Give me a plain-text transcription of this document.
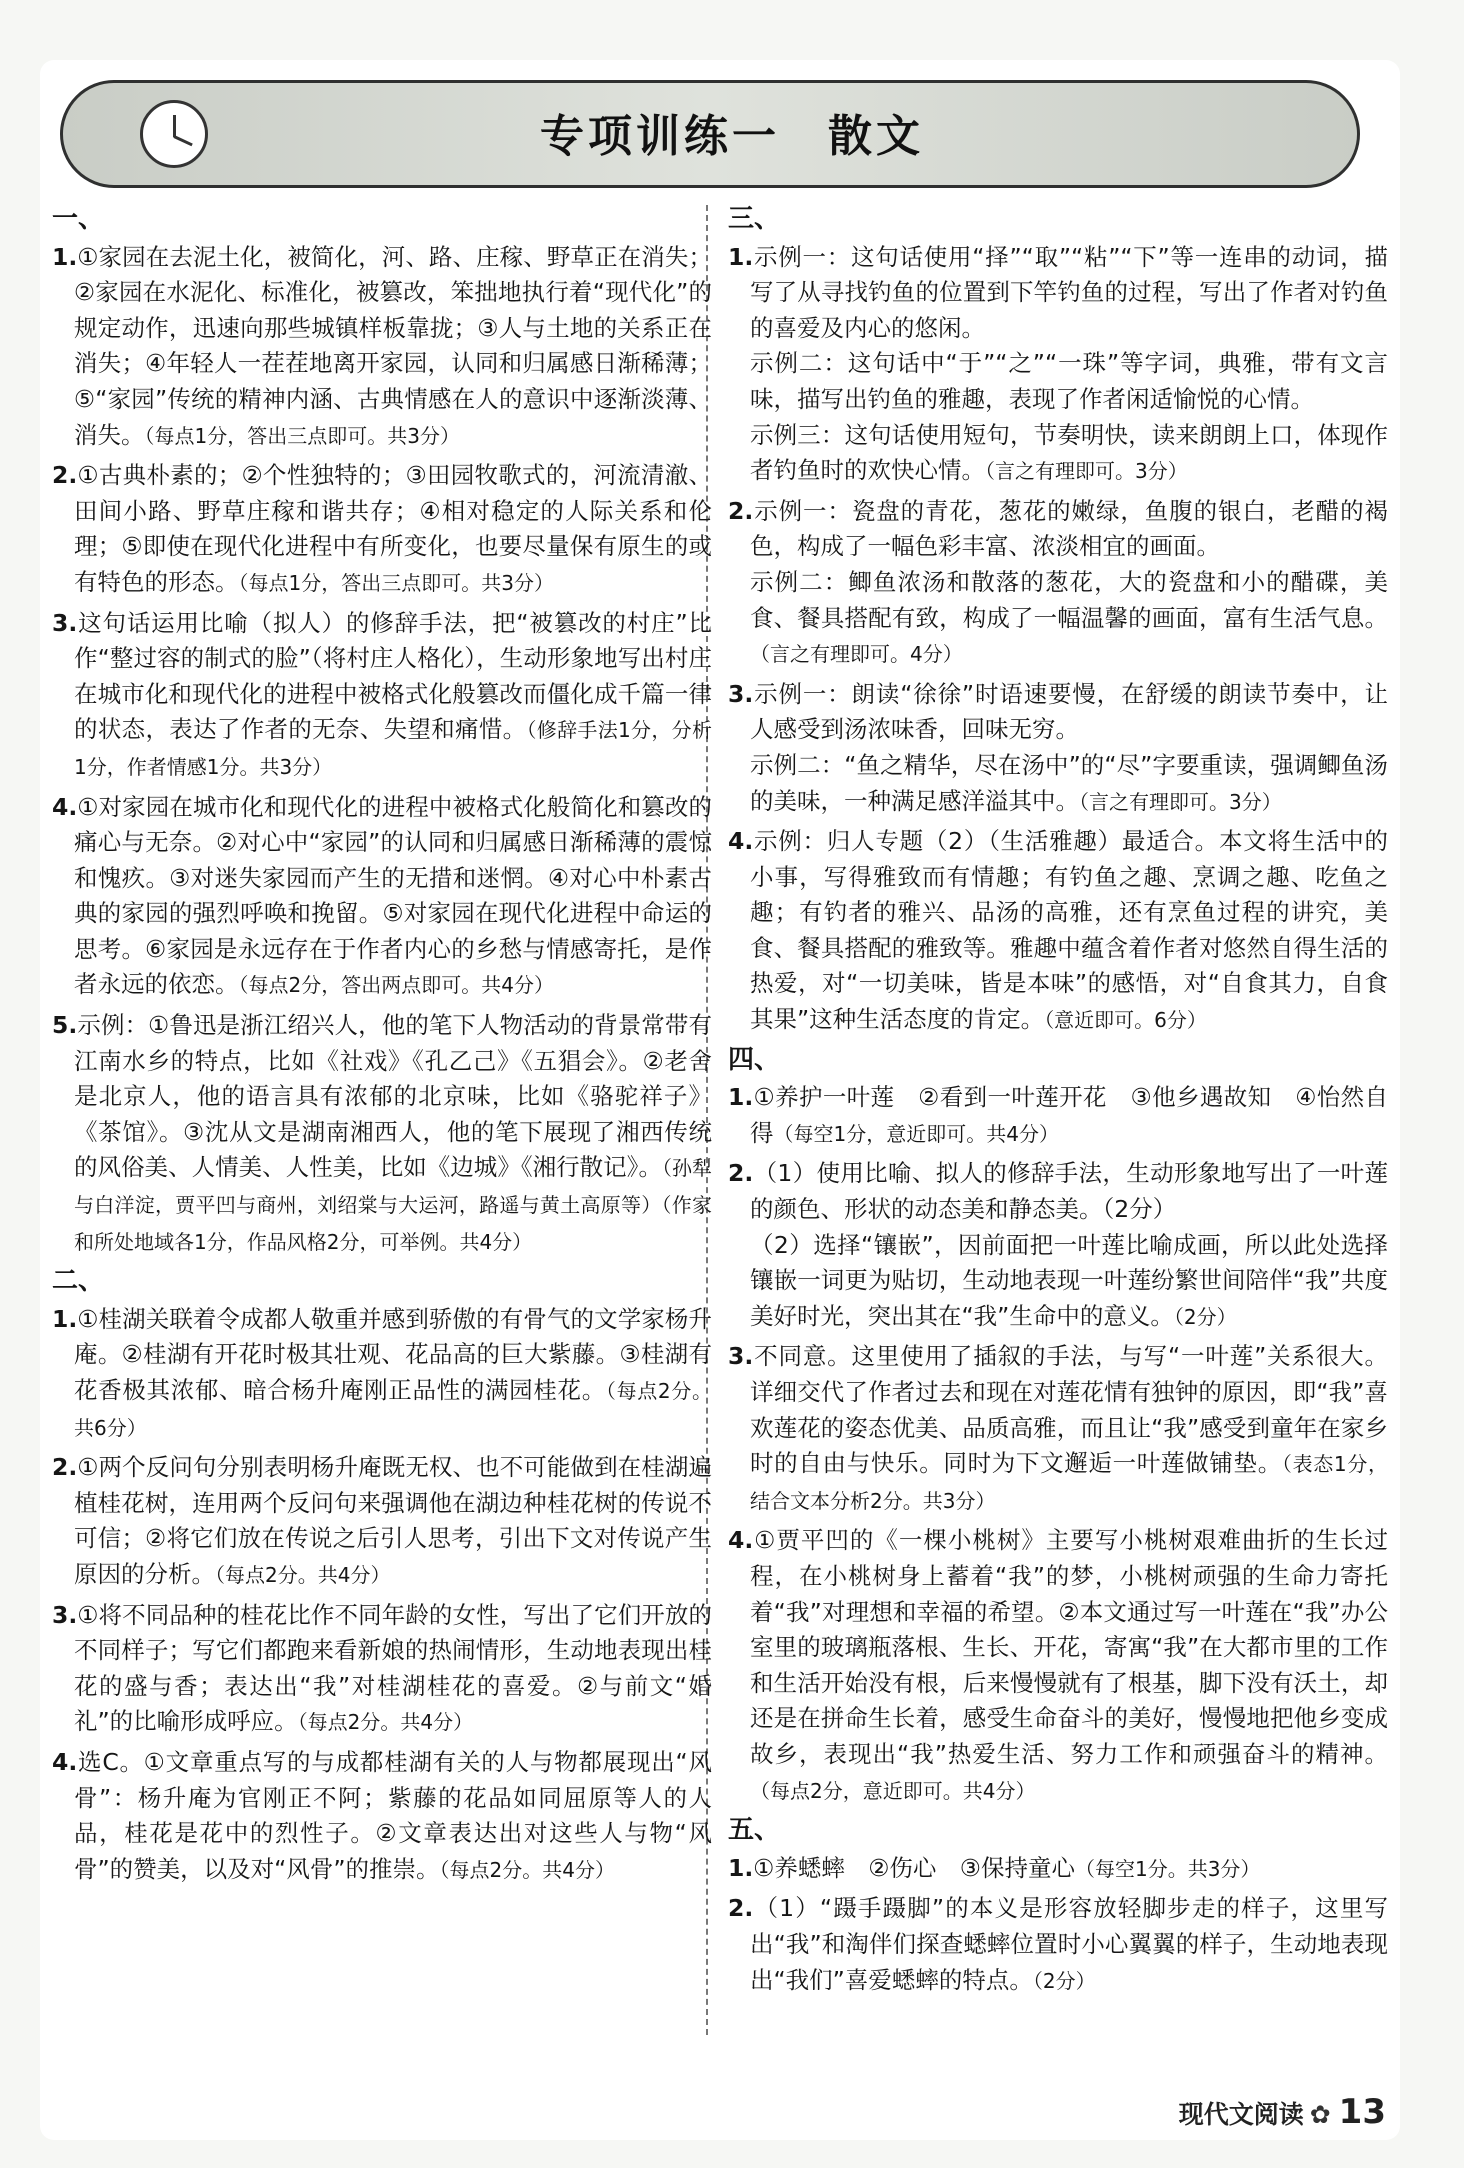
专项训练一　散文
一、
1.①家园在去泥土化，被简化，河、路、庄稼、野草正在消失；②家园在水泥化、标准化，被篡改，笨拙地执行着“现代化”的规定动作，迅速向那些城镇样板靠拢；③人与土地的关系正在消失；④年轻人一茬茬地离开家园，认同和归属感日渐稀薄；⑤“家园”传统的精神内涵、古典情感在人的意识中逐渐淡薄、消失。（每点1分，答出三点即可。共3分）
2.①古典朴素的；②个性独特的；③田园牧歌式的，河流清澈、田间小路、野草庄稼和谐共存；④相对稳定的人际关系和伦理；⑤即使在现代化进程中有所变化，也要尽量保有原生的或有特色的形态。（每点1分，答出三点即可。共3分）
3.这句话运用比喻（拟人）的修辞手法，把“被篡改的村庄”比作“整过容的制式的脸”（将村庄人格化），生动形象地写出村庄在城市化和现代化的进程中被格式化般篡改而僵化成千篇一律的状态，表达了作者的无奈、失望和痛惜。（修辞手法1分，分析1分，作者情感1分。共3分）
4.①对家园在城市化和现代化的进程中被格式化般简化和篡改的痛心与无奈。②对心中“家园”的认同和归属感日渐稀薄的震惊和愧疚。③对迷失家园而产生的无措和迷惘。④对心中朴素古典的家园的强烈呼唤和挽留。⑤对家园在现代化进程中命运的思考。⑥家园是永远存在于作者内心的乡愁与情感寄托，是作者永远的依恋。（每点2分，答出两点即可。共4分）
5.示例：①鲁迅是浙江绍兴人，他的笔下人物活动的背景常带有江南水乡的特点，比如《社戏》《孔乙己》《五猖会》。②老舍是北京人，他的语言具有浓郁的北京味，比如《骆驼祥子》《茶馆》。③沈从文是湖南湘西人，他的笔下展现了湘西传统的风俗美、人情美、人性美，比如《边城》《湘行散记》。（孙犁与白洋淀，贾平凹与商州，刘绍棠与大运河，路遥与黄土高原等）（作家和所处地域各1分，作品风格2分，可举例。共4分）
二、
1.①桂湖关联着令成都人敬重并感到骄傲的有骨气的文学家杨升庵。②桂湖有开花时极其壮观、花品高的巨大紫藤。③桂湖有花香极其浓郁、暗合杨升庵刚正品性的满园桂花。（每点2分。共6分）
2.①两个反问句分别表明杨升庵既无权、也不可能做到在桂湖遍植桂花树，连用两个反问句来强调他在湖边种桂花树的传说不可信；②将它们放在传说之后引人思考，引出下文对传说产生原因的分析。（每点2分。共4分）
3.①将不同品种的桂花比作不同年龄的女性，写出了它们开放的不同样子；写它们都跑来看新娘的热闹情形，生动地表现出桂花的盛与香；表达出“我”对桂湖桂花的喜爱。②与前文“婚礼”的比喻形成呼应。（每点2分。共4分）
4.选C。①文章重点写的与成都桂湖有关的人与物都展现出“风骨”：杨升庵为官刚正不阿；紫藤的花品如同屈原等人的人品，桂花是花中的烈性子。②文章表达出对这些人与物“风骨”的赞美，以及对“风骨”的推崇。（每点2分。共4分）
三、
1.示例一：这句话使用“择”“取”“粘”“下”等一连串的动词，描写了从寻找钓鱼的位置到下竿钓鱼的过程，写出了作者对钓鱼的喜爱及内心的悠闲。
示例二：这句话中“于”“之”“一珠”等字词，典雅，带有文言味，描写出钓鱼的雅趣，表现了作者闲适愉悦的心情。
示例三：这句话使用短句，节奏明快，读来朗朗上口，体现作者钓鱼时的欢快心情。（言之有理即可。3分）
2.示例一：瓷盘的青花，葱花的嫩绿，鱼腹的银白，老醋的褐色，构成了一幅色彩丰富、浓淡相宜的画面。
示例二：鲫鱼浓汤和散落的葱花，大的瓷盘和小的醋碟，美食、餐具搭配有致，构成了一幅温馨的画面，富有生活气息。（言之有理即可。4分）
3.示例一：朗读“徐徐”时语速要慢，在舒缓的朗读节奏中，让人感受到汤浓味香，回味无穷。
示例二：“鱼之精华，尽在汤中”的“尽”字要重读，强调鲫鱼汤的美味，一种满足感洋溢其中。（言之有理即可。3分）
4.示例：归人专题（2）（生活雅趣）最适合。本文将生活中的小事，写得雅致而有情趣；有钓鱼之趣、烹调之趣、吃鱼之趣；有钓者的雅兴、品汤的高雅，还有烹鱼过程的讲究，美食、餐具搭配的雅致等。雅趣中蕴含着作者对悠然自得生活的热爱，对“一切美味，皆是本味”的感悟，对“自食其力，自食其果”这种生活态度的肯定。（意近即可。6分）
四、
1.①养护一叶莲　②看到一叶莲开花　③他乡遇故知　④怡然自得（每空1分，意近即可。共4分）
2.（1）使用比喻、拟人的修辞手法，生动形象地写出了一叶莲的颜色、形状的动态美和静态美。（2分）
（2）选择“镶嵌”，因前面把一叶莲比喻成画，所以此处选择镶嵌一词更为贴切，生动地表现一叶莲纷繁世间陪伴“我”共度美好时光，突出其在“我”生命中的意义。（2分）
3.不同意。这里使用了插叙的手法，与写“一叶莲”关系很大。详细交代了作者过去和现在对莲花情有独钟的原因，即“我”喜欢莲花的姿态优美、品质高雅，而且让“我”感受到童年在家乡时的自由与快乐。同时为下文邂逅一叶莲做铺垫。（表态1分，结合文本分析2分。共3分）
4.①贾平凹的《一棵小桃树》主要写小桃树艰难曲折的生长过程，在小桃树身上蓄着“我”的梦，小桃树顽强的生命力寄托着“我”对理想和幸福的希望。②本文通过写一叶莲在“我”办公室里的玻璃瓶落根、生长、开花，寄寓“我”在大都市里的工作和生活开始没有根，后来慢慢就有了根基，脚下没有沃土，却还是在拼命生长着，感受生命奋斗的美好，慢慢地把他乡变成故乡，表现出“我”热爱生活、努力工作和顽强奋斗的精神。（每点2分，意近即可。共4分）
五、
1.①养蟋蟀　②伤心　③保持童心（每空1分。共3分）
2.（1）“蹑手蹑脚”的本义是形容放轻脚步走的样子，这里写出“我”和淘伴们探查蟋蟀位置时小心翼翼的样子，生动地表现出“我们”喜爱蟋蟀的特点。（2分）
现代文阅读 ✿ 13
